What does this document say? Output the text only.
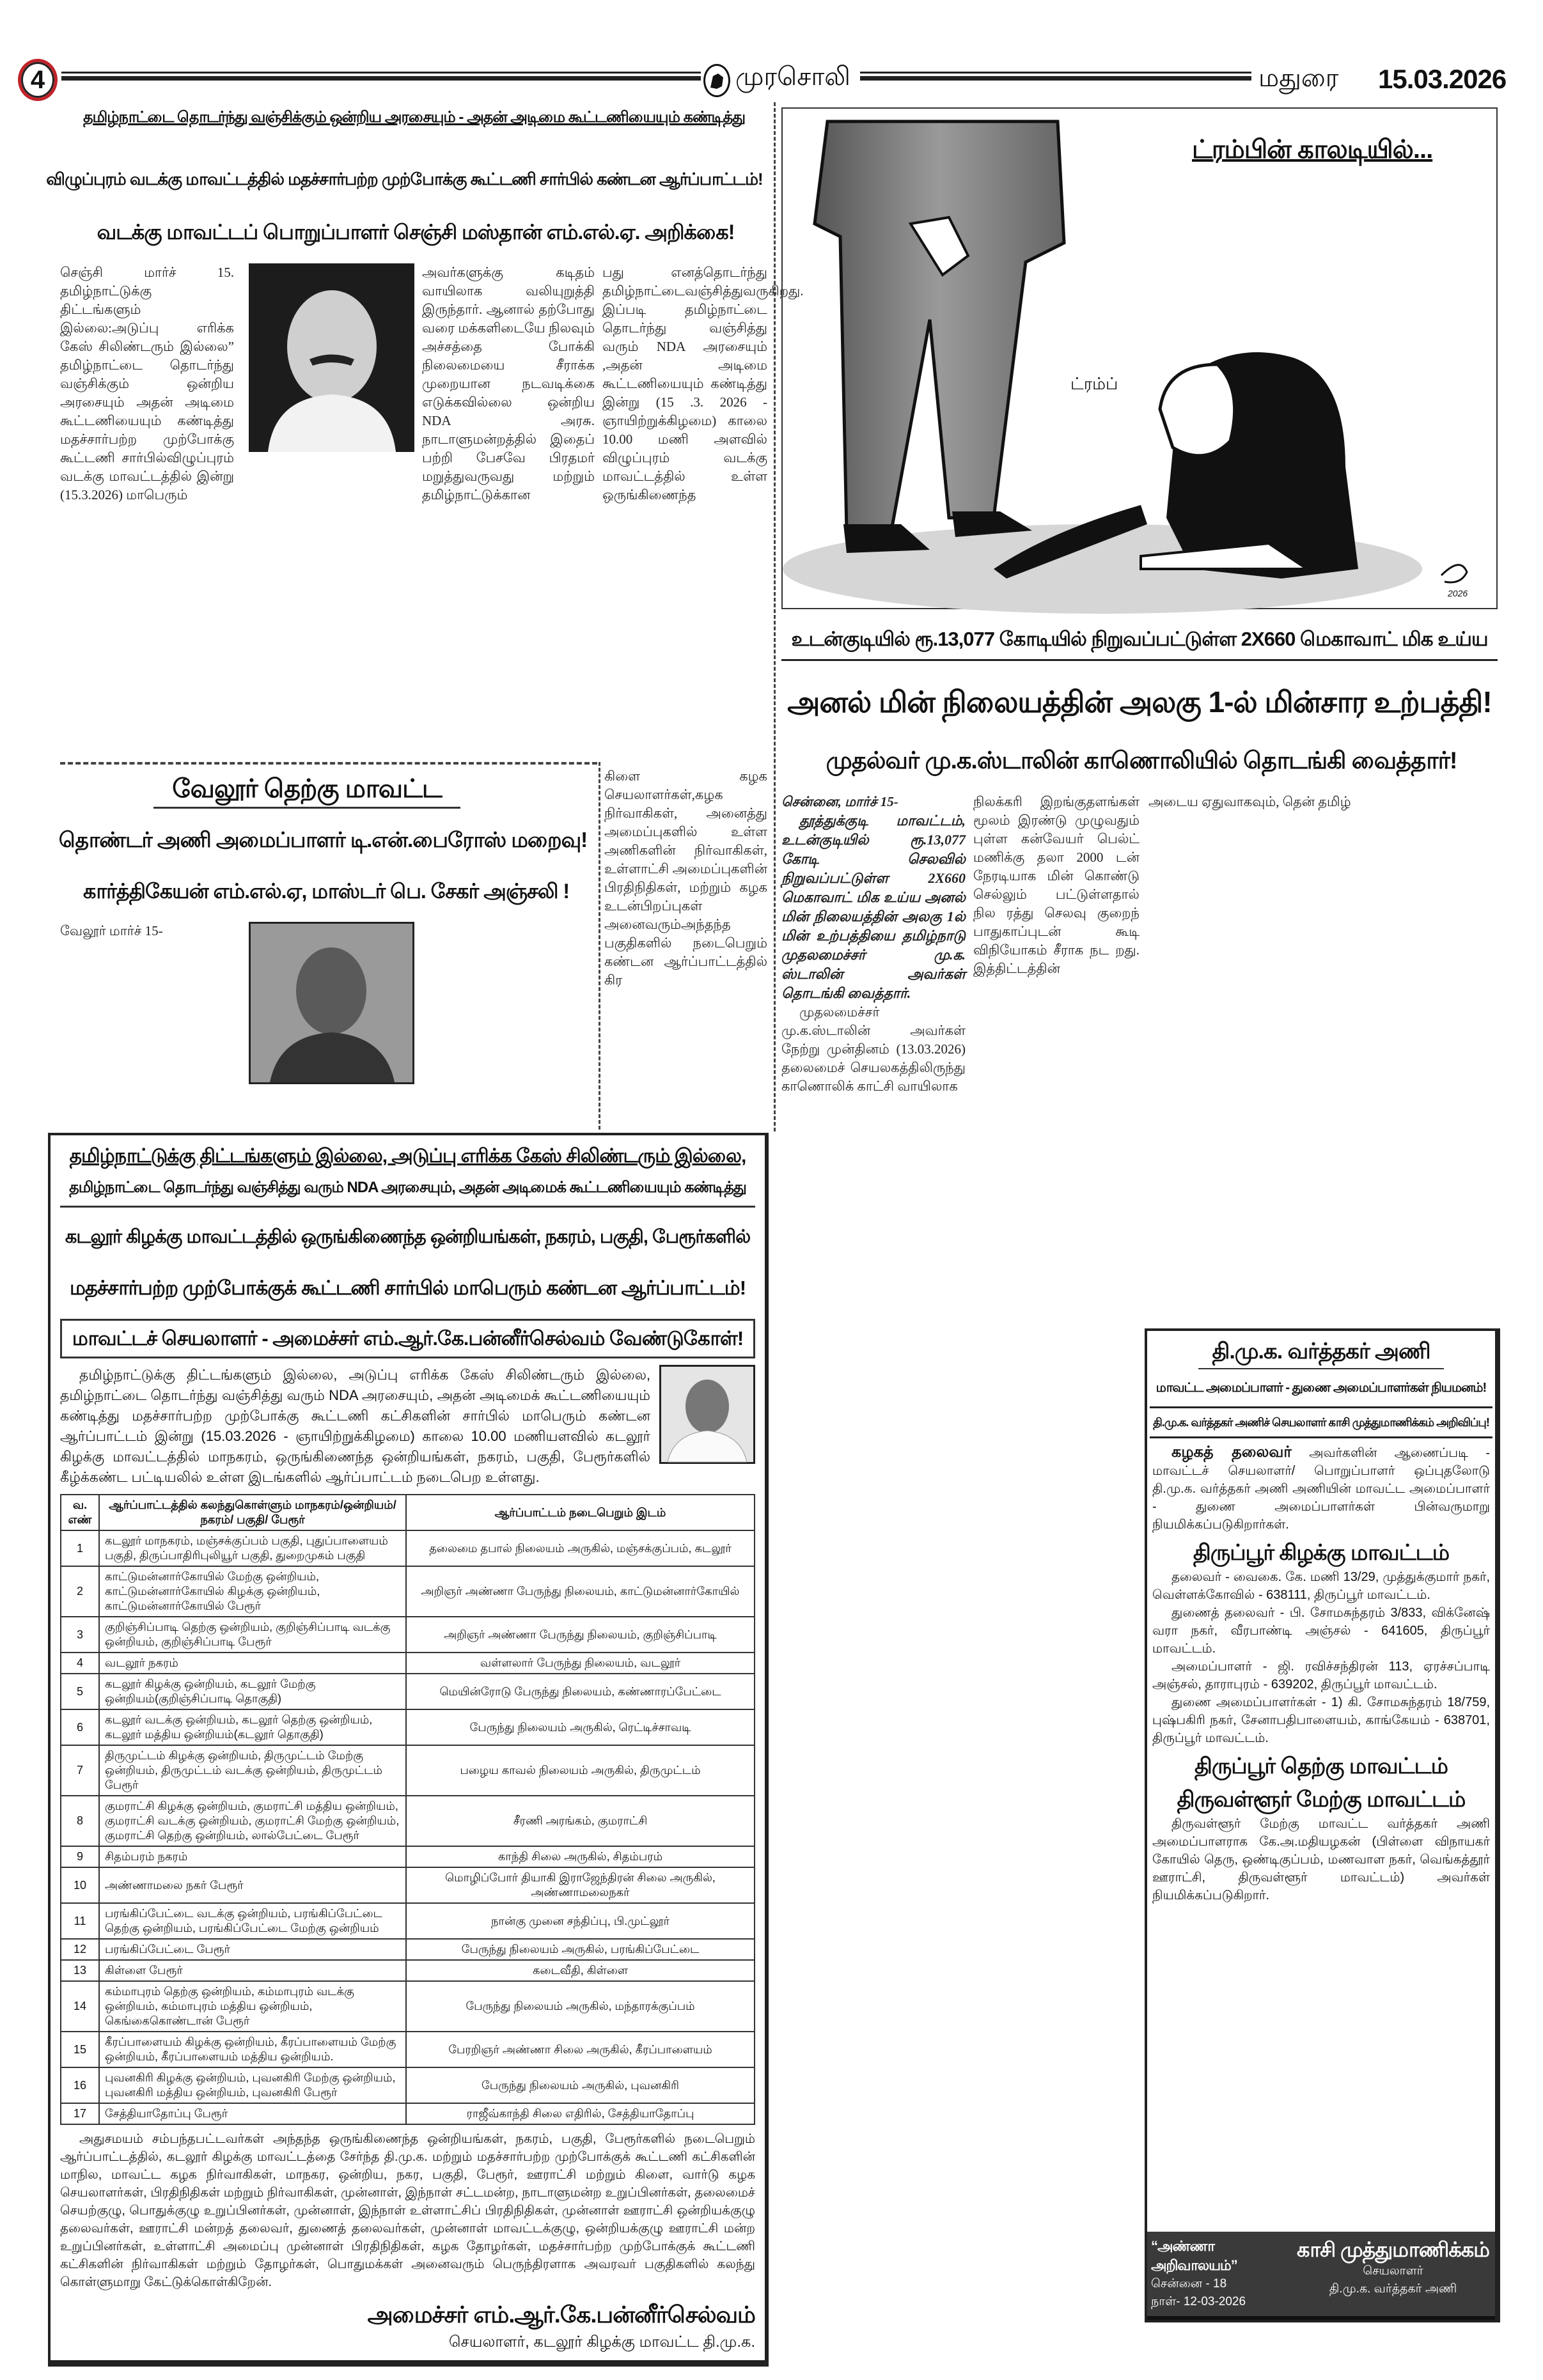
4	முரசொலி	மதுரை	15.03.2026
தமிழ்நாட்டை தொடர்ந்து வஞ்சிக்கும் ஒன்றிய அரசையும் - அதன் அடிமை கூட்டணியையும் கண்டித்து
விழுப்புரம் வடக்கு மாவட்டத்தில் மதச்சார்பற்ற முற்போக்கு கூட்டணி சார்பில் கண்டன ஆர்ப்பாட்டம்!
வடக்கு மாவட்டப் பொறுப்பாளர் செஞ்சி மஸ்தான் எம்.எல்.ஏ. அறிக்கை!
செஞ்சி மார்ச் 15. தமிழ்நாட்டுக்கு திட்டங்களும் இல்லை:அடுப்பு எரிக்க கேஸ் சிலிண்டரும் இல்லை” தமிழ்நாட்டை தொடர்ந்து வஞ்சிக்கும் ஒன்றிய அரசையும் அதன் அடிமை கூட்டணியையும் கண்டித்து மதச்சார்பற்ற முற்போக்கு கூட்டணி சார்பில்விழுப்புரம் வடக்கு மாவட்டத்தில் இன்று (15.3.2026) மாபெரும்
அவர்களுக்கு கடிதம் வாயிலாக வலியுறுத்தி இருந்தார். ஆனால் தற்போது வரை மக்களிடையே நிலவும் அச்சத்தை போக்கி நிலைமையை சீராக்க முறையான நடவடிக்கை எடுக்கவில்லை ஒன்றிய NDA அரசு. நாடாளுமன்றத்தில் இதைப் பற்றி பேசவே பிரதமர் மறுத்துவருவது மற்றும் தமிழ்நாட்டுக்கான
பது எனத்தொடர்ந்து தமிழ்நாட்டைவஞ்சித்துவருகிறது. இப்படி தமிழ்நாட்டை தொடர்ந்து வஞ்சித்து வரும் NDA அரசையும் ,அதன் அடிமை கூட்டணியையும் கண்டித்து இன்று (15 .3. 2026 - ஞாயிற்றுக்கிழமை) காலை 10.00 மணி அளவில் விழுப்புரம் வடக்கு மாவட்டத்தில் உள்ள ஒருங்கிணைந்த
கிளை கழக செயலாளர்கள்,கழக நிர்வாகிகள், அனைத்து அமைப்புகளில் உள்ள அணிகளின் நிர்வாகிகள், உள்ளாட்சி அமைப்புகளின் பிரதிநிதிகள், மற்றும் கழக உடன்பிறப்புகள் அனைவரும்அந்தந்த பகுதிகளில் நடைபெறும் கண்டன ஆர்ப்பாட்டத்தில் கிர
வேலூர் தெற்கு மாவட்ட
தொண்டர் அணி அமைப்பாளர் டி.என்.பைரோஸ் மறைவு!
கார்த்திகேயன் எம்.எல்.ஏ, மாஸ்டர் பெ. சேகர் அஞ்சலி !
வேலூர் மார்ச் 15-
தமிழ்நாட்டுக்கு திட்டங்களும் இல்லை, அடுப்பு எரிக்க கேஸ் சிலிண்டரும் இல்லை,
தமிழ்நாட்டை தொடர்ந்து வஞ்சித்து வரும் NDA அரசையும், அதன் அடிமைக் கூட்டணியையும் கண்டித்து
கடலூர் கிழக்கு மாவட்டத்தில் ஒருங்கிணைந்த ஒன்றியங்கள், நகரம், பகுதி, பேரூர்களில்
மதச்சார்பற்ற முற்போக்குக் கூட்டணி சார்பில் மாபெரும் கண்டன ஆர்ப்பாட்டம்!
மாவட்டச் செயலாளர் - அமைச்சர் எம்.ஆர்.கே.பன்னீர்செல்வம் வேண்டுகோள்!
தமிழ்நாட்டுக்கு திட்டங்களும் இல்லை, அடுப்பு எரிக்க கேஸ் சிலிண்டரும் இல்லை, தமிழ்நாட்டை தொடர்ந்து வஞ்சித்து வரும் NDA அரசையும், அதன் அடிமைக் கூட்டணியையும் கண்டித்து மதச்சார்பற்ற முற்போக்கு கூட்டணி கட்சிகளின் சார்பில் மாபெரும் கண்டன ஆர்ப்பாட்டம் இன்று (15.03.2026 - ஞாயிற்றுக்கிழமை) காலை 10.00 மணியளவில் கடலூர் கிழக்கு மாவட்டத்தில் மாநகரம், ஒருங்கிணைந்த ஒன்றியங்கள், நகரம், பகுதி, பேரூர்களில் கீழ்க்கண்ட பட்டியலில் உள்ள இடங்களில் ஆர்ப்பாட்டம் நடைபெற உள்ளது.
வ. எண்	ஆர்ப்பாட்டத்தில் கலந்துகொள்ளும் மாநகரம்/ஒன்றியம்/ நகரம்/ பகுதி/ பேரூர்	ஆர்ப்பாட்டம் நடைபெறும் இடம்
1	கடலூர் மாநகரம், மஞ்சக்குப்பம் பகுதி, புதுப்பாளையம் பகுதி, திருப்பாதிரிபுலியூர் பகுதி, துறைமுகம் பகுதி	தலைமை தபால் நிலையம் அருகில், மஞ்சக்குப்பம், கடலூர்
2	காட்டுமன்னார்கோயில் மேற்கு ஒன்றியம், காட்டுமன்னார்கோயில் கிழக்கு ஒன்றியம், காட்டுமன்னார்கோயில் பேரூர்	அறிஞர் அண்ணா பேருந்து நிலையம், காட்டுமன்னார்கோயில்
3	குறிஞ்சிப்பாடி தெற்கு ஒன்றியம், குறிஞ்சிப்பாடி வடக்கு ஒன்றியம், குறிஞ்சிப்பாடி பேரூர்	அறிஞர் அண்ணா பேருந்து நிலையம், குறிஞ்சிப்பாடி
4	வடலூர் நகரம்	வள்ளலார் பேருந்து நிலையம், வடலூர்
5	கடலூர் கிழக்கு ஒன்றியம், கடலூர் மேற்கு ஒன்றியம்(குறிஞ்சிப்பாடி தொகுதி)	மெயின்ரோடு பேருந்து நிலையம், கண்ணாரப்பேட்டை
6	கடலூர் வடக்கு ஒன்றியம், கடலூர் தெற்கு ஒன்றியம், கடலூர் மத்திய ஒன்றியம்(கடலூர் தொகுதி)	பேருந்து நிலையம் அருகில், ரெட்டிச்சாவடி
7	திருமுட்டம் கிழக்கு ஒன்றியம், திருமுட்டம் மேற்கு ஒன்றியம், திருமுட்டம் வடக்கு ஒன்றியம், திருமுட்டம் பேரூர்	பழைய காவல் நிலையம் அருகில், திருமுட்டம்
8	குமராட்சி கிழக்கு ஒன்றியம், குமராட்சி மத்திய ஒன்றியம், குமராட்சி வடக்கு ஒன்றியம், குமராட்சி மேற்கு ஒன்றியம், குமராட்சி தெற்கு ஒன்றியம், லால்பேட்டை பேரூர்	சீரணி அரங்கம், குமராட்சி
9	சிதம்பரம் நகரம்	காந்தி சிலை அருகில், சிதம்பரம்
10	அண்ணாமலை நகர் பேரூர்	மொழிப்போர் தியாகி இராஜேந்திரன் சிலை அருகில், அண்ணாமலைநகர்
11	பரங்கிப்பேட்டை வடக்கு ஒன்றியம், பரங்கிப்பேட்டை தெற்கு ஒன்றியம், பரங்கிப்பேட்டை மேற்கு ஒன்றியம்	நான்கு முனை சந்திப்பு, பி.முட்லூர்
12	பரங்கிப்பேட்டை பேரூர்	பேருந்து நிலையம் அருகில், பரங்கிப்பேட்டை
13	கிள்ளை பேரூர்	கடைவீதி, கிள்ளை
14	கம்மாபுரம் தெற்கு ஒன்றியம், கம்மாபுரம் வடக்கு ஒன்றியம், கம்மாபுரம் மத்திய ஒன்றியம், கெங்கைகொண்டான் பேரூர்	பேருந்து நிலையம் அருகில், மந்தாரக்குப்பம்
15	கீரப்பாளையம் கிழக்கு ஒன்றியம், கீரப்பாளையம் மேற்கு ஒன்றியம், கீரப்பாளையம் மத்திய ஒன்றியம்.	பேரறிஞர் அண்ணா சிலை அருகில், கீரப்பாளையம்
16	புவனகிரி கிழக்கு ஒன்றியம், புவனகிரி மேற்கு ஒன்றியம், புவனகிரி மத்திய ஒன்றியம், புவனகிரி பேரூர்	பேருந்து நிலையம் அருகில், புவனகிரி
17	சேத்தியாதோப்பு பேரூர்	ராஜீவ்காந்தி சிலை எதிரில், சேத்தியாதோப்பு
அதுசமயம் சம்பந்தபட்டவர்கள் அந்தந்த ஒருங்கிணைந்த ஒன்றியங்கள், நகரம், பகுதி, பேரூர்களில் நடைபெறும் ஆர்ப்பாட்டத்தில், கடலூர் கிழக்கு மாவட்டத்தை சேர்ந்த தி.மு.க. மற்றும் மதச்சார்பற்ற முற்போக்குக் கூட்டணி கட்சிகளின் மாநில, மாவட்ட கழக நிர்வாகிகள், மாநகர, ஒன்றிய, நகர, பகுதி, பேரூர், ஊராட்சி மற்றும் கிளை, வார்டு கழக செயலாளர்கள், பிரதிநிதிகள் மற்றும் நிர்வாகிகள், முன்னாள், இந்நாள் சட்டமன்ற, நாடாளுமன்ற உறுப்பினர்கள், தலைமைச் செயற்குழு, பொதுக்குழு உறுப்பினர்கள், முன்னாள், இந்நாள் உள்ளாட்சிப் பிரதிநிதிகள், முன்னாள் ஊராட்சி ஒன்றியக்குழு தலைவர்கள், ஊராட்சி மன்றத் தலைவர், துணைத் தலைவர்கள், முன்னாள் மாவட்டக்குழு, ஒன்றியக்குழு ஊராட்சி மன்ற உறுப்பினர்கள், உள்ளாட்சி அமைப்பு முன்னாள் பிரதிநிதிகள், கழக தோழர்கள், மதச்சார்பற்ற முற்போக்குக் கூட்டணி கட்சிகளின் நிர்வாகிகள் மற்றும் தோழர்கள், பொதுமக்கள் அனைவரும் பெருந்திரளாக அவரவர் பகுதிகளில் கலந்து கொள்ளுமாறு கேட்டுக்கொள்கிறேன்.
அமைச்சர் எம்.ஆர்.கே.பன்னீர்செல்வம்
செயலாளர், கடலூர் கிழக்கு மாவட்ட தி.மு.க.
ட்ரம்பின் காலடியில்...
ட்ரம்ப்
2026
உடன்குடியில் ரூ.13,077 கோடியில் நிறுவப்பட்டுள்ள 2X660 மெகாவாட் மிக உய்ய
அனல் மின் நிலையத்தின் அலகு 1-ல் மின்சார உற்பத்தி!
முதல்வர் மு.க.ஸ்டாலின் காணொலியில் தொடங்கி வைத்தார்!
சென்னை, மார்ச் 15-

தூத்துக்குடி மாவட்டம், உடன்குடியில் ரூ.13,077 கோடி செலவில் நிறுவப்பட்டுள்ள 2X660 மெகாவாட் மிக உய்ய அனல் மின் நிலையத்தின் அலகு 1ல் மின் உற்பத்தியை தமிழ்நாடு முதலமைச்சர் மு.க. ஸ்டாலின் அவர்கள் தொடங்கி வைத்தார்.

முதலமைச்சர் மு.க.ஸ்டாலின் அவர்கள் நேற்று முன்தினம் (13.03.2026) தலைமைச் செயலகத்திலிருந்து காணொலிக் காட்சி வாயிலாக

நிலக்கரி இறங்குதளங்கள் மூலம் இரண்டு முழுவதும் புள்ள கன்வேயர் பெல்ட் மணிக்கு தலா 2000 டன் நேரடியாக மின் கொண்டு செல்லும் பட்டுள்ளதால் நில ரத்து செலவு குறைந் பாதுகாப்புடன் கூடி விநியோகம் சீராக நட றது. இத்திட்டத்தின்
அடைய ஏதுவாகவும், தென் தமிழ்
தி.மு.க. வர்த்தகர் அணி
மாவட்ட அமைப்பாளர் - துணை அமைப்பாளர்கள் நியமனம்!
தி.மு.க. வர்த்தகர் அணிச் செயலாளர் காசி முத்துமாணிக்கம் அறிவிப்பு!
கழகத் தலைவர் அவர்களின் ஆணைப்படி - மாவட்டச் செயலாளர்/ பொறுப்பாளர் ஒப்புதலோடு தி.மு.க. வர்த்தகர் அணி அணியின் மாவட்ட அமைப்பாளர் - துணை அமைப்பாளர்கள் பின்வருமாறு நியமிக்கப்படுகிறார்கள்.
திருப்பூர் கிழக்கு மாவட்டம்
தலைவர் - வைகை. கே. மணி 13/29, முத்துக்குமார் நகர், வெள்ளக்கோவில் - 638111, திருப்பூர் மாவட்டம்.
துணைத் தலைவர் - பி. சோமசுந்தரம் 3/833, விக்னேஷ் வரா நகர், வீரபாண்டி அஞ்சல் - 641605, திருப்பூர் மாவட்டம்.
அமைப்பாளர் - ஜி. ரவிச்சந்திரன் 113, ஏரச்சப்பாடி அஞ்சல், தாராபுரம் - 639202, திருப்பூர் மாவட்டம்.
துணை அமைப்பாளர்கள் - 1) கி. சோமசுந்தரம் 18/759, புஷ்பகிரி நகர், சேனாபதிபாளையம், காங்கேயம் - 638701, திருப்பூர் மாவட்டம்.
திருப்பூர் தெற்கு மாவட்டம்
திருவள்ளூர் மேற்கு மாவட்டம்
திருவள்ளூர் மேற்கு மாவட்ட வர்த்தகர் அணி அமைப்பாளராக கே.அ.மதியழகன் (பிள்ளை விநாயகர் கோயில் தெரு, ஒண்டிகுப்பம், மணவாள நகர், வெங்கத்தூர் ஊராட்சி, திருவள்ளூர் மாவட்டம்) அவர்கள் நியமிக்கப்படுகிறார்.
“அண்ணா அறிவாலயம்”
சென்னை - 18
நாள்- 12-03-2026
காசி முத்துமாணிக்கம்
செயலாளர்
தி.மு.க. வர்த்தகர் அணி
